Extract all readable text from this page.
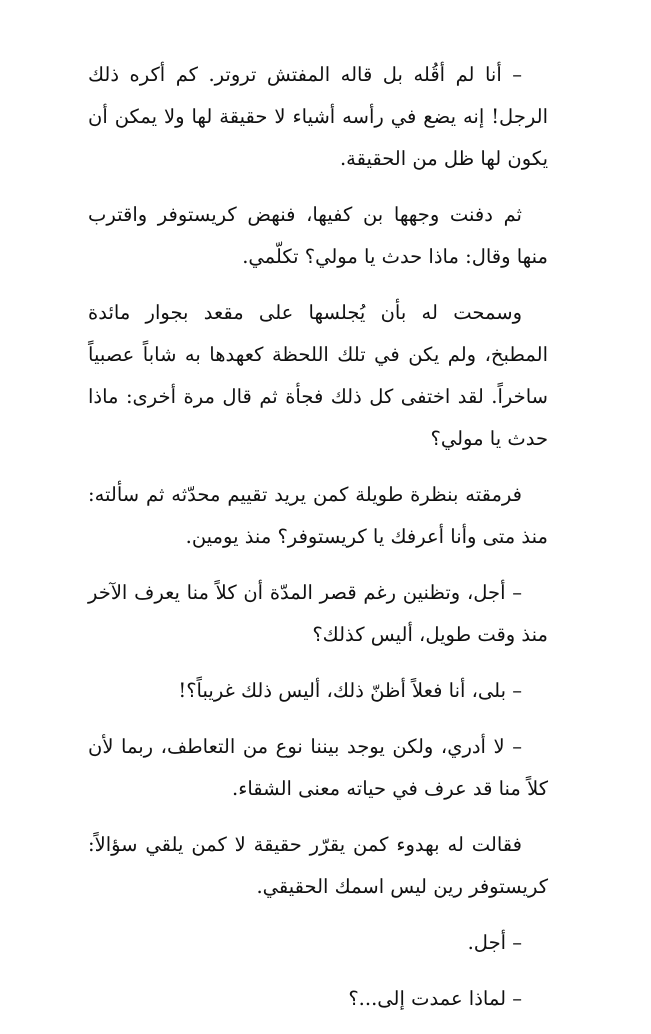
– أنا لم أقُله بل قاله المفتش تروتر. كم أكره ذلك الرجل! إنه يضع في رأسه أشياء لا حقيقة لها ولا يمكن أن يكون لها ظل من الحقيقة.

ثم دفنت وجهها بن كفيها، فنهض كريستوفر واقترب منها وقال: ماذا حدث يا مولي؟ تكلّمي.

وسمحت له بأن يُجلسها على مقعد بجوار مائدة المطبخ، ولم يكن في تلك اللحظة كعهدها به شاباً عصبياً ساخراً. لقد اختفى كل ذلك فجأة ثم قال مرة أخرى: ماذا حدث يا مولي؟

فرمقته بنظرة طويلة كمن يريد تقييم محدّثه ثم سألته: منذ متى وأنا أعرفك يا كريستوفر؟ منذ يومين.

– أجل، وتظنين رغم قصر المدّة أن كلاً منا يعرف الآخر منذ وقت طويل، أليس كذلك؟

– بلى، أنا فعلاً أظنّ ذلك، أليس ذلك غريباً؟!

– لا أدري، ولكن يوجد بيننا نوع من التعاطف، ربما لأن كلاً منا قد عرف في حياته معنى الشقاء.

فقالت له بهدوء كمن يقرّر حقيقة لا كمن يلقي سؤالاً: كريستوفر رين ليس اسمك الحقيقي.

– أجل.

– لماذا عمدت إلى...؟
